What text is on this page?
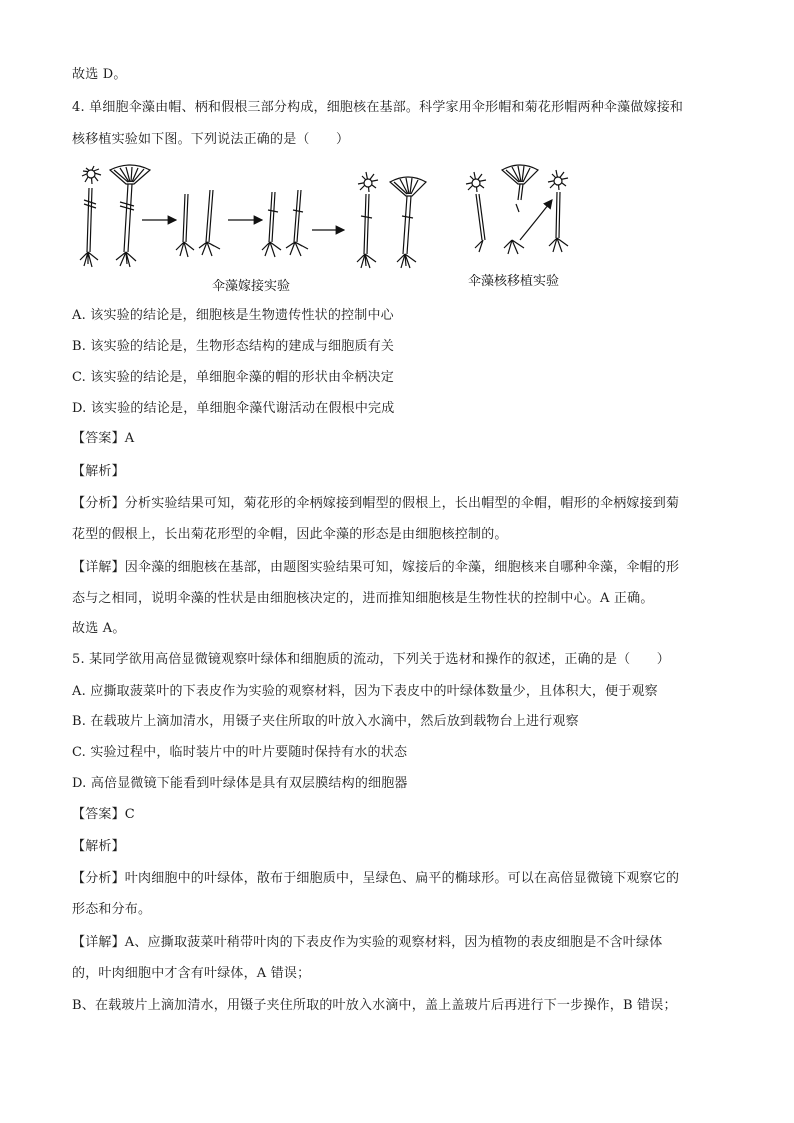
故选 D。
4. 单细胞伞藻由帽、柄和假根三部分构成，细胞核在基部。科学家用伞形帽和菊花形帽两种伞藻做嫁接和
核移植实验如下图。下列说法正确的是（　　）
伞藻嫁接实验	伞藻核移植实验
A. 该实验的结论是，细胞核是生物遗传性状的控制中心
B. 该实验的结论是，生物形态结构的建成与细胞质有关
C. 该实验的结论是，单细胞伞藻的帽的形状由伞柄决定
D. 该实验的结论是，单细胞伞藻代谢活动在假根中完成
【答案】A
【解析】
【分析】分析实验结果可知，菊花形的伞柄嫁接到帽型的假根上，长出帽型的伞帽，帽形的伞柄嫁接到菊
花型的假根上，长出菊花形型的伞帽，因此伞藻的形态是由细胞核控制的。
【详解】因伞藻的细胞核在基部，由题图实验结果可知，嫁接后的伞藻，细胞核来自哪种伞藻，伞帽的形
态与之相同，说明伞藻的性状是由细胞核决定的，进而推知细胞核是生物性状的控制中心。A 正确。
故选 A。
5. 某同学欲用高倍显微镜观察叶绿体和细胞质的流动，下列关于选材和操作的叙述，正确的是（　　）
A. 应撕取菠菜叶的下表皮作为实验的观察材料，因为下表皮中的叶绿体数量少，且体积大，便于观察
B. 在载玻片上滴加清水，用镊子夹住所取的叶放入水滴中，然后放到载物台上进行观察
C. 实验过程中，临时装片中的叶片要随时保持有水的状态
D. 高倍显微镜下能看到叶绿体是具有双层膜结构的细胞器
【答案】C
【解析】
【分析】叶肉细胞中的叶绿体，散布于细胞质中，呈绿色、扁平的椭球形。可以在高倍显微镜下观察它的
形态和分布。
【详解】A、应撕取菠菜叶稍带叶肉的下表皮作为实验的观察材料，因为植物的表皮细胞是不含叶绿体
的，叶肉细胞中才含有叶绿体，A 错误；
B、在载玻片上滴加清水，用镊子夹住所取的叶放入水滴中，盖上盖玻片后再进行下一步操作，B 错误；
